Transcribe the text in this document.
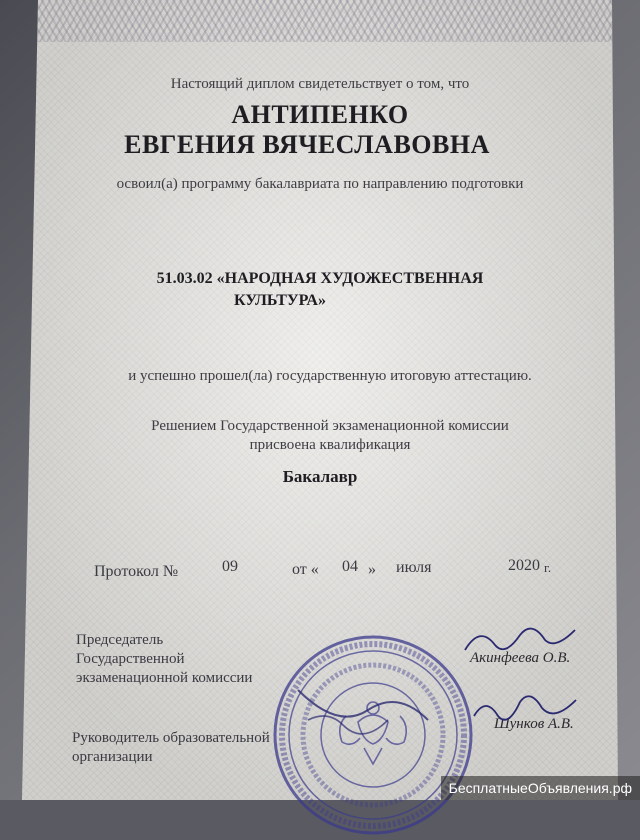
Настоящий диплом свидетельствует о том, что
АНТИПЕНКО
ЕВГЕНИЯ ВЯЧЕСЛАВОВНА
освоил(а) программу бакалавриата по направлению подготовки
51.03.02 «НАРОДНАЯ ХУДОЖЕСТВЕННАЯ
КУЛЬТУРА»
и успешно прошел(ла) государственную итоговую аттестацию.
Решением Государственной экзаменационной комиссии
присвоена квалификация
Бакалавр
Протокол №	09	от « 04 » июля	2020 г.
Председатель
Государственной
экзаменационной комиссии
Акинфеева О.В.
Руководитель образовательной
организации
Шунков А.В.
БесплатныеОбъявления.рф
